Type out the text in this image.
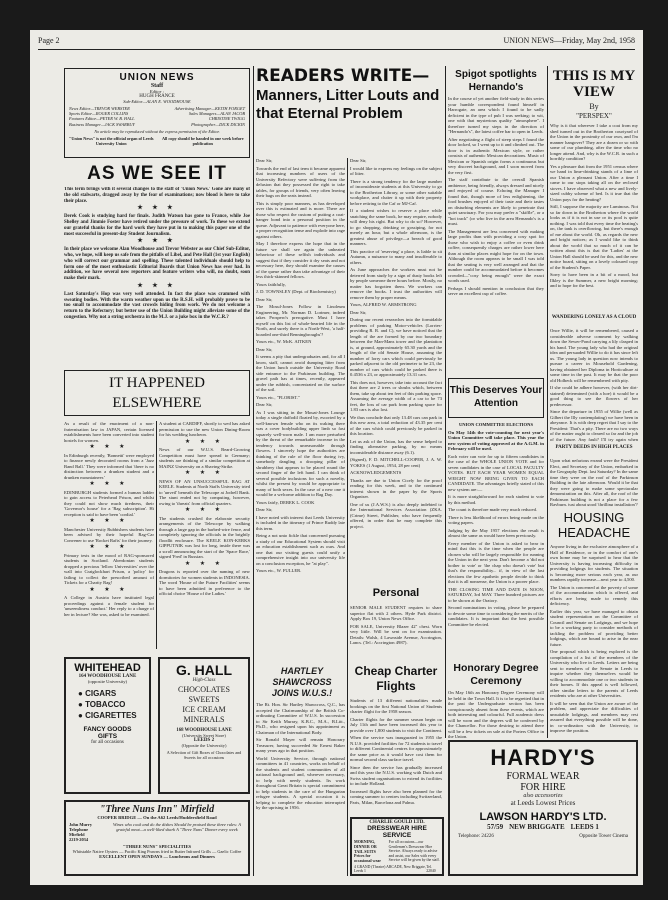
Page 2	UNION NEWS—Friday, May 2nd, 1958
UNION NEWS
Staff
Editor :
HUGH FRANCE
Sub-Editor—ALAN E. WOODHOUSE
News Editor—TREVOR WEBSTER	Advertising Manager—KEITH FORGET
Sports Editor—ROGER COLLINS	Sales Managers—ALAN JACOB
Features Editor—PETER W. B. HALL	CHRISTINE TWIGG
Business Manager—JACK SWARBUY	Photographer—DICK DICKIN
No article may be reproduced without the express permission of the Editor.
"Union News" is not the official organ of Leeds University Union
All copy should be handed in one week before publication
AS WE SEE IT

This term brings with it several changes to the staff of 'Union News.' Gone are many of the old stalwarts, dragged away by the fear of examinations; now blood is here to take their place.

★ ★ ★

Derek Cook is studying hard for finals. Judith Watson has gone to France, while Joe Shelley and Jimmie Foster have retired under the pressure of work. To these we extend our grateful thanks for the hard work they have put in to making this paper one of the most successful in present-day Student Journalism.

★ ★ ★

In their place we welcome Alan Woodhouse and Trevor Webster as our Chief Sub-Editor, who, we hope, will keep us safe from the pitfalls of Libel, and Pete Hall (1st year English) who will correct our grammar and spelling. These talented individuals should help to form one of the most enthusiastic Editorial Boards that Union News has ever had. In addition, we have several new reporters and feature writers who will, no doubt, soon make their mark.

★ ★ ★

Last Saturday's Hop was very well attended. In fact the place was crammed with sweating bodies. With the warm weather upon us the R.S.H. will probably prove to be too small to accommodate the vast crowds hiding from work. We do not welcome a return to the Refectory; but better use of the Union Building might alleviate some of the congestion. Why not a string orchestra in the M.J. or a juke box in the W.C.R.?

IT HAPPENED ELSEWHERE

As a result of the enactment of a non-fraternisation law in JAPAN, certain licensed establishments have been converted into student hostels for women.

★ ★ ★

In Edinburgh recently, 'Bonnetti' were employed to finance newly decorated rooms from a 'Jazz Band Ball.' They were informed that 'there is no distinction between a drunken student and a drunken mountaineer.'

★ ★ ★

EDINBURGH students formed a human ladder to gain access to Peterhead Prison, and whilst they could not show much tiredness, their 'Governor's house' for a 'Rag subscription'. Hi reception is said to have been 'cordial.'

★ ★ ★

Manchester University Rubbishers students have been advised by their hopeful Rag-Car Convener to use 'Rocket Rafts' for their journey.

★ ★ ★

Primary tests in the mood of RAG-sponsored students in Scotland. Aberdonian students dropped a precious 'fellow Universities' over the wall into Craiglockhart Prison, a 'policy' for failing to collect the prescribed amount of Tickets for a Charity Rag!

★ ★ ★

A College in Austria have instituted legal proceedings against a female student for 'unseemliness conduct.' Her reply to a charge of her in lecture? She was, asked to be examined.

A student at CARDIFF, shortly to wed has asked permission to use the new Union Dining-Room for his wedding luncheon.

★ ★ ★

News of our W.U.S. Beard-Growing Competition must have spread to Germany; students are thinking of a similar competition at MAINZ University on a Shaving-Strike.

★ ★ ★

NEWS OF AN UNSUCCESSFUL RAG AT KEELE. Students at North Staffs University tried to 'unveil' beneath the Telescope at Jodrell Bank. The stunt ended not by computing, however, owing to 'threats' from official quarters.

★ ★ ★

The students crushed the elaborate security arrangements of the Telescope by walking through a large gap in the barbed-wire fence, and completely ignoring the officials in the brightly floodlit enclosure. The KEELE KON-KERKS GIPPUTNIK was lost for long, inside there was a scroll announcing the start of the 'Space Race,' signed 'Fred' in Russian.

★ ★ ★

Dragons is reported over the naming of new dormitories for women students in INDONESIA. The word 'House of the Future Facilities' seems to have been admitted in preference to the official choice 'House of the Ladies.'

WHITEHEAD
164 WOODHOUSE LANE
(opposite University)
● CIGARS
● TOBACCO
● CIGARETTES
FANCY GOODS
GIFTS
for all occasions
G. HALL
High-Class
CHOCOLATES
SWEETS
ICE CREAM
MINERALS
168 WOODHOUSE LANE
(University Sweet Store)
LEEDS 2
(Opposite the University)
A Selection of Gift Boxes of Chocolates and Sweets for all occasions
"Three Nuns Inn" Mirfield
COOPER BRIDGE — On the A62 Leeds/Huddersfield Road
John Murry
Telephone
Mirfield
2219-2034
Wines who cook and do the dishes Should be praised these three rules: A grateful meat—a well-liked shark A "Three Nuns" Dinner every week
"THREE NUNS" SPECIALITIES
Whitstable Native Oysters — Pacific King Prawns fried in Butter Infrared Grills — Gaelic Coffee
EXCELLENT OPEN SUNDAYS — Luncheons and Dinners
READERS WRITE—
Manners, Litter Louts and that Eternal Problem

Dear Sir,

Towards the end of last term it became apparent that increasing numbers of users of the University Refectory were suffering from the delusion that they possessed the right to take tables, for groups of friends, very often leaving their bags on the seats instead.

This is simply poor manners, as has developed over this is estimated and is more. There are those who respect the custom of putting a coat-hanger bond into a personal position in the queue. Adjuvant to patience with everyone here, a proper recognition tense and explode into rage against others.

May I therefore express the hope that in the future we shall see again the unheated behaviour of these selfish individuals and suggest that if they consider it dry seats and not necessary here, they should examine the causes of the queue rather than take advantage of their less thick-skinned fellows.

Yours faithfully,

J. D. TOWNSLEY (Dept. of Biochemistry)

Dear Sir,

The Mosul-Jones Follow in Linoleum Engineering, Mr. Norman D. Lorimer, indeed takes Prospero's prerogative. Must I have myself on this list of whole-hearted life in the North, and surely there is a North-West, 'a half-boarded one-third Benningbroughs'?

Yours etc., W. McK. AITKEN

Dear Sir,

It seems a pity that undergraduates and, for all I know, staff, cannot avoid dumping litter from the Union lunch outside the University Road side entrance to the Parkinson building. The gravel path has at times, recently, appeared under the rubbish, concentrated on the surface of the soil.

Yours etc., "FLORIST."

Dear Sir,

As I was sitting in the Mouat-Jones Lounge today a single daffodil floated by, escorted by a well-known female who on its waking there was a cover bodybuilding upper limb so fast squarely well-worn male. I am more perturbed by the threat of the remarkable increase in the tendency towards unreasonable through flowers. I sincerely hope the authorities are thinking of the rule of the floor during ivy, somebody dangling a drooping pillar of shrubbery that appears to be placed round the second finger of the left hand. I can think of several possible inclusions for such a novelty, whilst the present by would be appropriate to many of both sexes. In the case of a new one it would be a welcome addition to Rag Day.

Yours fairly, DEREK L. COOK

Dear Sir,

I have noted with interest that Leeds University is included in the itinerary of Prince Ruddy late this term.

Being a not unto fickle that concerned pursuing a study of our Educational System should visit an education establishment such as ours. And one that our visiting guests could unify a comprehensive insight into our university life on a conclusion exception, he "at play".

Yours etc., W. FULLER.

Dear Sir,

I would like to express my feelings on the subject of litter.

There is a strong tendency for the large number of inconsiderate students at this University to go to the Brotherton Library, or some other suitable workplace, and clutter it up with their property before retiring to the Caf or MJ-Caf.

If a student wishes to reserve a place while snatching the same book, he may require, nobody will deny his right. But why to do so? However, to go shopping, drinking or gossiping, for not merely an hour, but a whole afternoon, is the greatest abuse of privilege—a breach of good manners.

This practice of 'reserving' a place, is liable to sit Autumn, a nuisance to many and insufferable to others.

As June approaches the workers must not be deterred from study by a sign of dusty books left by people someone three hours before. Mostly, no matter has forgotten them. We workers can remove the books. I trust the authorities will remove them by proper means.

Yours, ALFRED W. ARMSTRONG

Dear Sir,

During our recent researches into the formidable problems of parking Motor-vehicles (Lorries-providing R. R. and C), we have noticed that the length of the are formed by our two boundary between the Man-Mans tower and the plantation is, at ground, approximately 65.30 yards and the length of the old Senate House, assuming the number of lorry cars which could previously be parked adjacent to the old perimeter to be 23, the number of cars which could be parked there is 0.4536 x 23, or approximately 13.31 cars.

This does not, however, take into account the fact that there are 2 trees or shrubs which, between them, take up about ten feet of this parking space. Assuming the average width of a car to be 73 feet, the loss of car park from parking space for 1.83 cars is also lost.

We thus conclude that only 13.48 cars can park in this new area, a total reduction of 43.35 per cent of the cars which could previously be parked in this location.

Let us ask of the Union, has the sense helped to finding alternative parking, by no means inconsiderable distance away (6.1).

(Signed), F. D. MITCHELL-COOPER, J. A. W. YOKES (1 August, 1954, 28 per cent)

ACKNOWLEDGEMENTS

Thanks are due to Union Cicely for the proof reading for this week, and to the continued interest shown in the paper by the Sports Organiser.

One of us (J.A.W.S.) is also deeply indebted to the International Services Association (ZKA. (Crime) Street, Publisher, who have frequently offered, in order that he may complete this project.

Personal

SENIOR MALE STUDENT requires to share superior flat with 2 others. Hyde Park district. Apply Box 19, Union News Office.

FOR SALE, University Blazer 42" chest. Worn very little. Will be sent on for examination. Details: Walsh, 4 Lawnside Avenue, Accrington, Lancs. (Tel.: Accrington 4987).

HARTLEY SHAWCROSS JOINS W.U.S.!
Cheap Charter Flights

Students of 13 different nationalities made bookings on the first National Union of Students charter flight for the 1958 season.

Charter flights for the summer season begin on July 11th and have been increased this year to provide over 1,800 students to visit the Continent.

When the service was inaugurated in 1955 the N.U.S. provided facilities for 72 students to travel to different Continental centres for approximately the same price as it would have cost them for normal second class surface travel.

Since then the service has gradually increased and this year the N.U.S. working with Dutch and Swiss student organisations to extend its facilities to include Holland.

Increased flights have also been planned for the coming summer to centres including Switzerland, Paris, Milan, Barcelona and Palma.

Spigot spotlights Hernando's

In the course of yet another field-study in this series your humble correspondent found himself in Harrogate, an area which I found to be sadly deficient in the type of pub I was seeking; to wit, one with that mysterious quality "atmosphere". I therefore turned my steps in the direction of "Hernando's", the latest coffee bar to open in Leeds.

After negotiating a flight of steep steps I found the door locked, so I went up to it and climbed out. The door is in authentic Mexican style, or rather consists of authentic Mexican decorations. Music of Mexican or Spanish origin forms a continuous but very discreet background, and I soon moved from the very first.

The staff contribute to the overall Spanish ambience, being friendly, always dressed and nicely and enjoyed of course. Echoing the Manager I found that, though more of less enlightening, the food brushes enjoyed of their taste and their tastes on disturbing elements are likely to penetrate that quiet sanctuary. For you may prefer a "skiffle", or a "hot track" (or who live in the area Hernando's is a must.

The Management are less concerned with making large profits than with providing a cosy spot for those who wish to enjoy a coffee or even drink coffee, consequently charges are rather lower here than at similar places might hope for on the town. Although the room appears to be small I was told that the seating is very well arranged and that the number could be accommodated before it becomes crowded—"cosy being enough" were the exact words used.

Perhaps I should mention in conclusion that they serve an excellent cup of coffee.

This Deserves Your Attention

UNION COMMITTEE ELECTIONS

On May 14th the vote-counting for next year's Union Committee will take place. This year the new system of voting approved at the A.G.M. in February will be used.

Each voter can vote for up to fifteen candidates in the case of the WHOLE UNION VOTE and for seven candidates in the case of LOCAL FACULTY VOTES. BUT EACH YEAR WOMEN EQUAL WEIGHT NOW BEING GIVEN TO EACH CANDIDATE. The advantages briefly stated of this new system are:—

It is more straightforward for each student to vote by this method.

The count is therefore made very much reduced.

There is less likelihood of errors being made on the voting papers.

Judging by the May 1957 elections the result is almost the same as would have been previously.

Every member of the Union is asked to bear in mind that this is the time when the people are chosen who will be largely responsible for running the Union in the next year. Don't become a 'did not bother to vote' or 'the chap who doesn't vote' but that's the responsibility... if, in view of the last elections the few apathetic people decide to think that it is all nonsense, the Union is a poorer place.

THE CLOSING TIME AND DATE IS NOON, SATURDAY, 3rd MAY. Three hundred pictures are to be shown at the Oratory.

Second nominations in voting, please be prepared to devote some time to considering the merits of the candidates. It is important that the best possible Committee be elected.

Honorary Degree Ceremony

On May 16th an Honorary Degree Ceremony will be held in the Town Hall. It is to be regretted that in the past the Undergraduate section has been conspicuously absent from these events, which are both interesting and colourful. Full academic dress will be worn and the degrees will be conferred by the Chancellor. For those desiring to attend there will be a few tickets on sale at the Porters Office in the Union.

THIS IS MY VIEW
By
"PERSPEX"

Why is it that wherever I take a coat from my shed turned out in the Brotherton courtyard of the Union in the proximity of our own, and I'm manner hangover? They are a dozen or so with some of our plumbing, after the time who no longer attend. And, why is the W.C.R. in such a horribly condition?

Yes a pleasure that from the 1951 census where we hand in lime-drinking stands of a lime of our Union a pleasant Union. After a time I came to our stops taking all on the reclosed stoves. I have observed what a new and lively-sized cubby scheme of bed. Is it true that the Union pays for the heating?

Still, I suppose the majority are Luminous. Not so far down in the Brotherton where the world looks as if it is not in use or its pool is quite nothing. I was told that every time the heating's on, the tank is overflowing, but there's enough of me about the world. Oh, as regards the new and bright notices; as I would like to think about the world that so much of it can be written about this is that the 'Ladies' at the Union Hall should be used for this, and the new notice board, sitting on a lovely coloured copy of the Student's Paper.

Sorry to have been in a bit of a mood, but Ilkley is the Summer, a new bright morning; and to hope for the best.

WANDERING LONELY AS A CLOUD

Once Willie, it will be remembered, caused a considerable adverse comment by walking down the Sewer-Pond carrying a lily clasped in his hand. The young lady who had the original idea and persuaded Willie to do it has since left us. The young lady in question now intends to pursue a career in Mousehold Gardening, having obtained her Diploma in Horticulture at some time in the past. It may be that the poor old Holbeck will be remembered with pity.

If she could be adhere however, (with her dirt-stained) determined (with a hoe) it would be a good thing to see the flowers of her predecessor.

Since the departure in 1955 of Willie (well as Gilbert the Illy contemplating) we have been in abeyance. It is with deep regret that I say to the President: That's a pity. There are no two ways of the matter ought to cleared so far and the job of the future. Any fault? I'll try again when

PARTY DEEDS IN HIGH PLACES

Upon what nefarious errand were the President Elect, and Secretary of the Union, embarked in the Geography Dept. last Saturday? In the same time they were on the roof of the Parkinson Building in the late afternoon. Would it be that they were going to make some spectacular demonstration on this. After all, the roof of the Parkinson building is not a place for a few Rayburn, just about good 'thrilling installation'?

HOUSING HEADACHE

Anyone living in the exclusive atmosphere of a Hall of Residence, or in the comfort of one's own home may be surprised to hear that the University is having increasing difficulty in providing lodgings for students. The situation is becoming more serious each year, as our numbers rapidly increase—next year to 4,500.

The Union is concerned at the poverty of some of the accommodation which is offered, and efforts are being made to remedy this deficiency.

Earlier this year, we have managed to obtain student representation on the Committee of Council and Senate on Lodgings, and we hope to be a working party to consider methods of tackling the problem of providing better lodgings, which are bound to arise in the near future.

One proposal which is being explored is the compilation of a list of the members of the University who live in Leeds. Letters are being sent to members of the Senate in Leeds to inquire whether they themselves would be willing to accommodate one or two students in their homes. If this appeal is well followed, other similar letters to the parents of Leeds residents who are at other Universities.

It will be seen that the Union are aware of the problem, and appreciate the difficulties of unsuitable lodgings, and members may rest assured that everything possible will be done, in co-ordination with the University, to improve the position.

HARDY'S
FORMAL WEAR
FOR HIRE
also accessories
at Leeds Lowest Prices
LAWSON HARDY'S LTD.
57/59 NEW BRIGGATE LEEDS 1
Telephone: 24226	Opposite Tower Cinema
CHARLIE GOULD LTD.
DRESSWEAR HIRE SERVICE
MORNING, DINNER OR TAIL SUITS
Prices for occasional wear
For all occasions—our Gentlemen's Dresswear Hire Service. Always ready to advise and assist, our Sales with every Service will be given by the staff.
4 GRAND (Theatre) ARCADE, New Briggate, Leeds 1
Tel. 22040

The Rt. Hon. Sir Hartley Shawcross, Q.C., has accepted the Chairmanship of the British Co-ordinating Committee of W.U.S. In succession to Sir Keith Murray, K.B.C., M.A., B.Litt., Ph.D., who resigned upon his appointment as Chairman of the International Body.

Sir Ronald Mayer will remain Honorary Treasurer, having succeeded Sir Ernest Baker many years ago in that position.

World University Service, through national committees in 41 countries, works on behalf of the students and student communities of all national background and, wherever necessary, to help with needy students. Its work throughout Great Britain is special commitment to help students in the care of the Hungarian refugee students. A special occasion it is helping to complete the education interrupted by the uprising in 1956.
